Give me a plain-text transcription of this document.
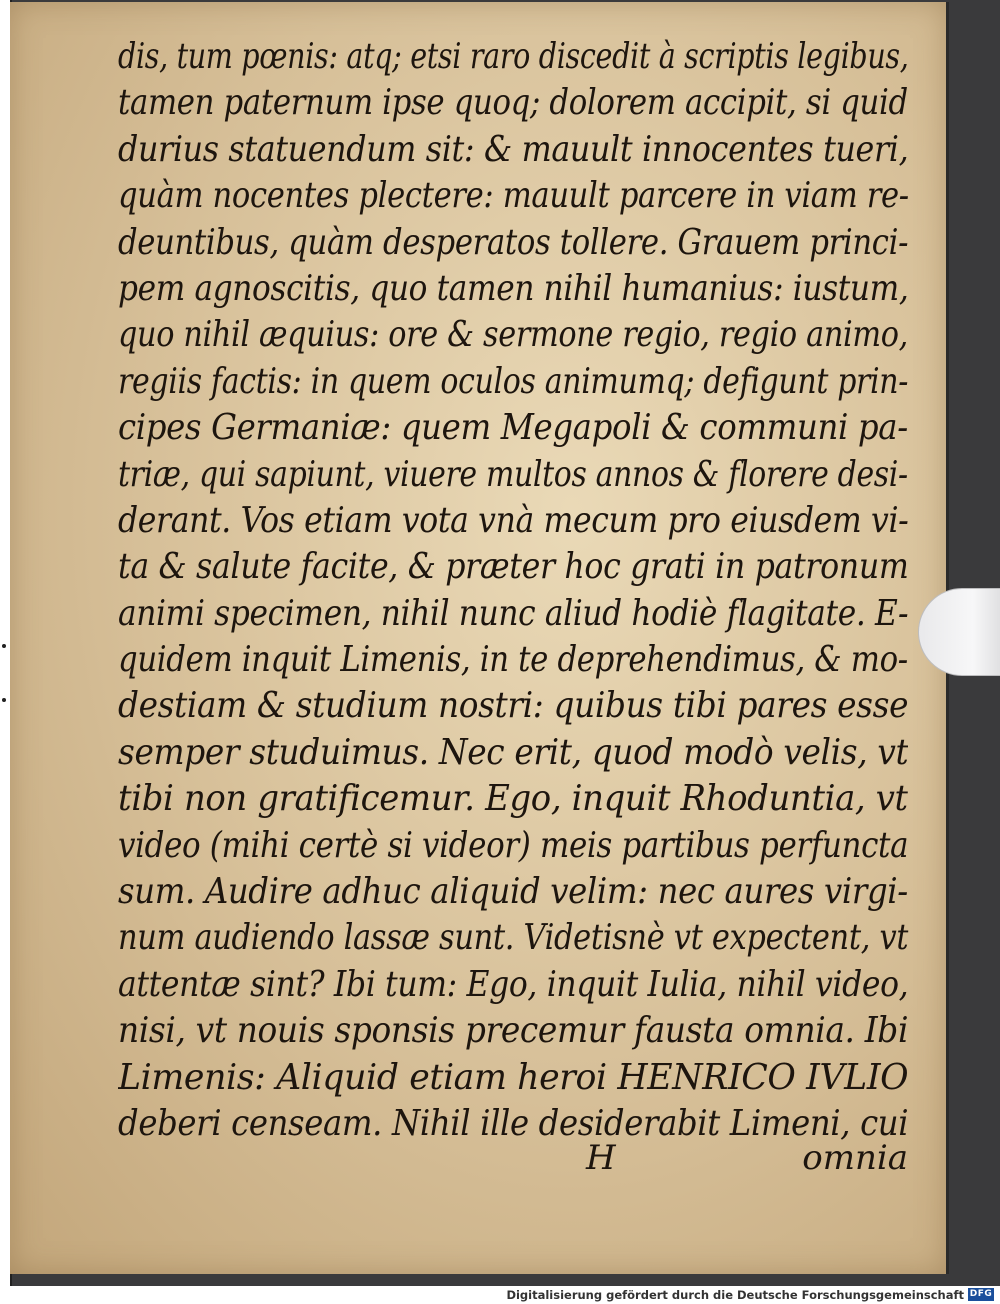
dis, tum pœnis: atq; etsi raro discedit à scriptis legibus,
tamen paternum ipse quoq; dolorem accipit, si quid
durius statuendum sit: & mauult innocentes tueri,
quàm nocentes plectere: mauult parcere in viam re-
deuntibus, quàm desperatos tollere. Grauem princi-
pem agnoscitis, quo tamen nihil humanius: iustum,
quo nihil æquius: ore & sermone regio, regio animo,
regiis factis: in quem oculos animumq; defigunt prin-
cipes Germaniæ: quem Megapoli & communi pa-
triæ, qui sapiunt, viuere multos annos & florere desi-
derant. Vos etiam vota vnà mecum pro eiusdem vi-
ta & salute facite, & præter hoc grati in patronum
animi specimen, nihil nunc aliud hodiè flagitate. E-
quidem inquit Limenis, in te deprehendimus, & mo-
destiam & studium nostri: quibus tibi pares esse
semper studuimus. Nec erit, quod modò velis, vt
tibi non gratificemur. Ego, inquit Rhoduntia, vt
video (mihi certè si videor) meis partibus perfuncta
sum. Audire adhuc aliquid velim: nec aures virgi-
num audiendo lassæ sunt. Videtisnè vt expectent, vt
attentæ sint? Ibi tum: Ego, inquit Iulia, nihil video,
nisi, vt nouis sponsis precemur fausta omnia. Ibi
Limenis: Aliquid etiam heroi HENRICO IVLIO
deberi censeam. Nihil ille desiderabit Limeni, cui
H	omnia
Digitalisierung gefördert durch die Deutsche Forschungsgemeinschaft DFG
